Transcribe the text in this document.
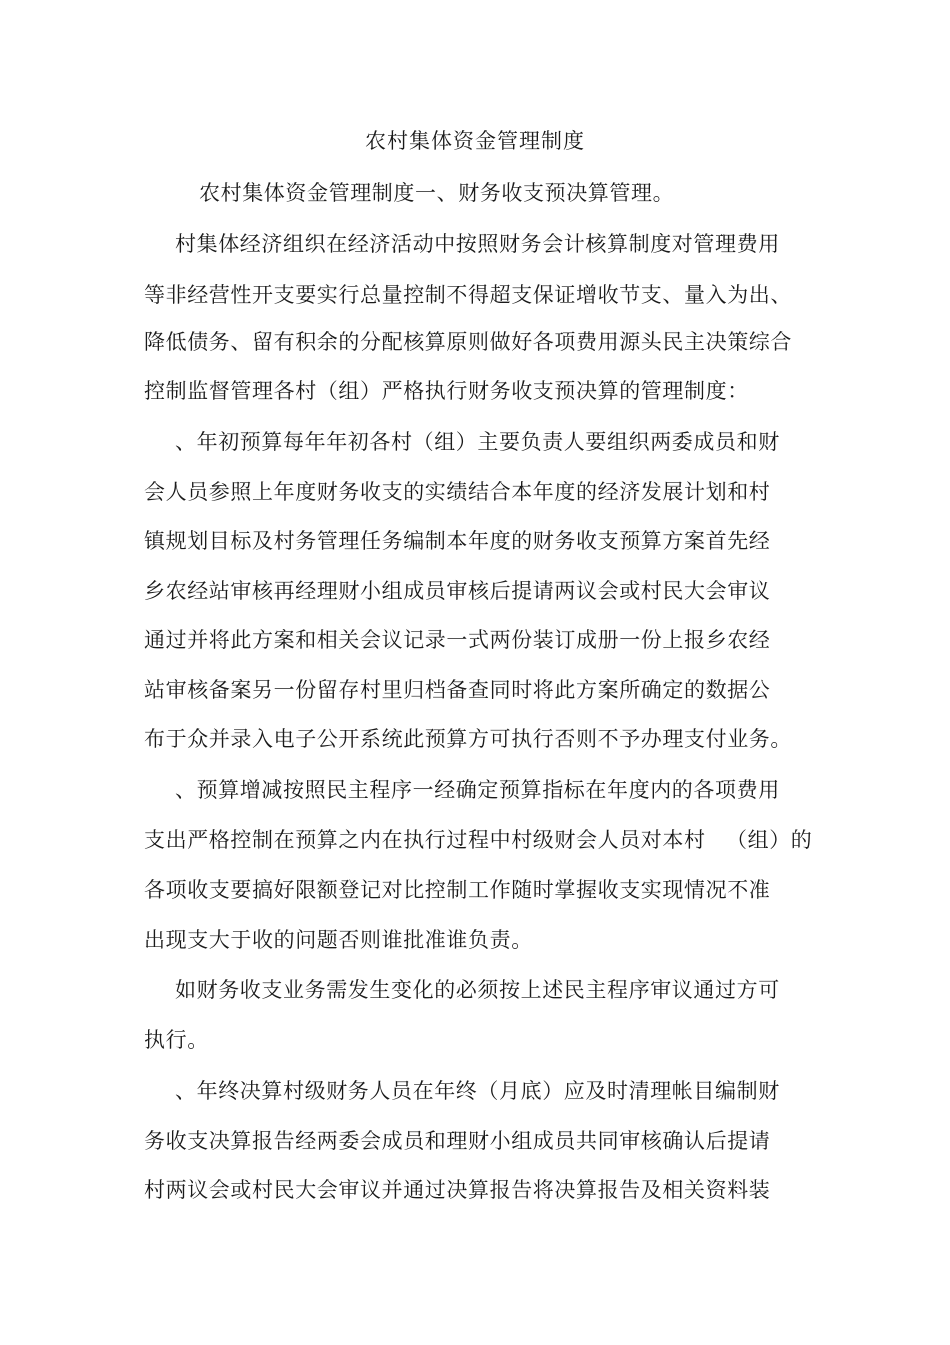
农村集体资金管理制度
农村集体资金管理制度一、财务收支预决算管理。
村集体经济组织在经济活动中按照财务会计核算制度对管理费用
等非经营性开支要实行总量控制不得超支保证增收节支、量入为出、
降低债务、留有积余的分配核算原则做好各项费用源头民主决策综合
控制监督管理各村（组）严格执行财务收支预决算的管理制度：
、年初预算每年年初各村（组）主要负责人要组织两委成员和财
会人员参照上年度财务收支的实绩结合本年度的经济发展计划和村
镇规划目标及村务管理任务编制本年度的财务收支预算方案首先经
乡农经站审核再经理财小组成员审核后提请两议会或村民大会审议
通过并将此方案和相关会议记录一式两份装订成册一份上报乡农经
站审核备案另一份留存村里归档备查同时将此方案所确定的数据公
布于众并录入电子公开系统此预算方可执行否则不予办理支付业务。
、预算增减按照民主程序一经确定预算指标在年度内的各项费用
支出严格控制在预算之内在执行过程中村级财会人员对本村 （组）的
各项收支要搞好限额登记对比控制工作随时掌握收支实现情况不准
出现支大于收的问题否则谁批准谁负责。
如财务收支业务需发生变化的必须按上述民主程序审议通过方可
执行。
、年终决算村级财务人员在年终（月底）应及时清理帐目编制财
务收支决算报告经两委会成员和理财小组成员共同审核确认后提请
村两议会或村民大会审议并通过决算报告将决算报告及相关资料装
